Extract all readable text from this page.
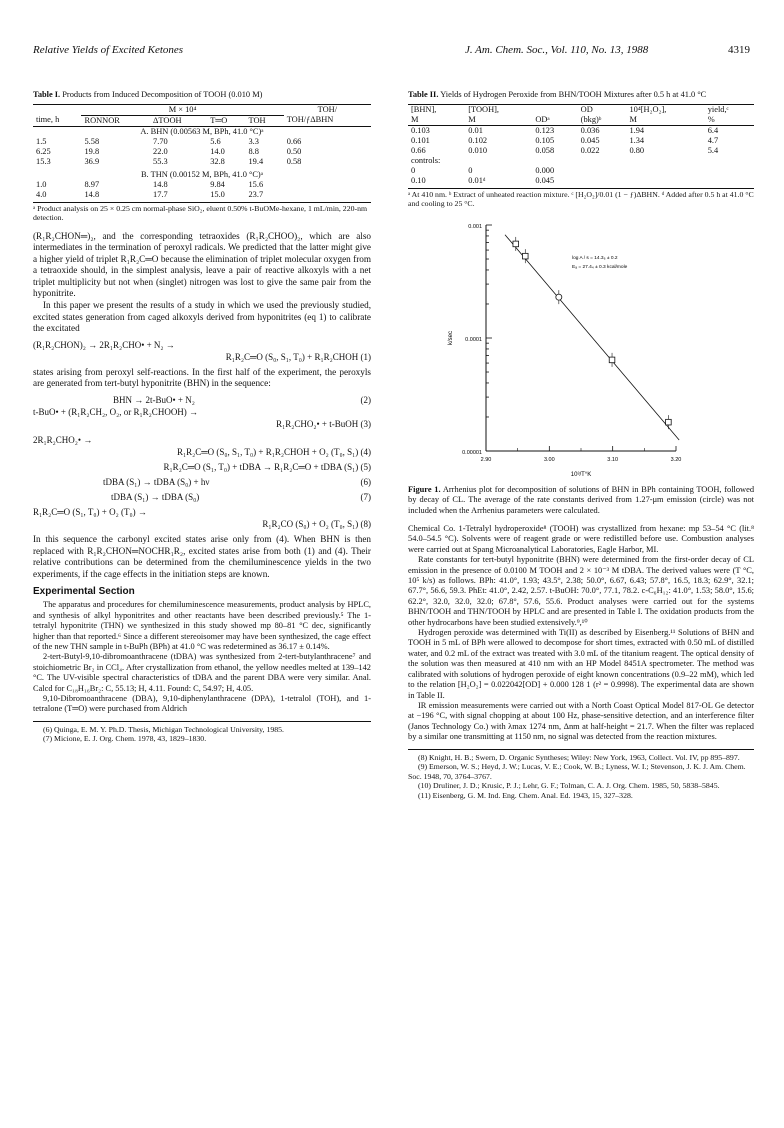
Relative Yields of Excited Ketones	J. Am. Chem. Soc., Vol. 110, No. 13, 1988	4319
Table I. Products from Induced Decomposition of TOOH (0.010 M)
	M × 10⁴				TOH/
time, h	RONNOR	ΔTOOH	T═O	TOH	TOH/ƒΔBHN
A. BHN (0.00563 M, BPh, 41.0 °C)ᵃ					
1.5	5.58	7.70	5.6	3.3	0.66
6.25	19.8	22.0	14.0	8.8	0.50
15.3	36.9	55.3	32.8	19.4	0.58
B. THN (0.00152 M, BPh, 41.0 °C)ᵃ					
1.0	8.97	14.8	9.84	15.6	
4.0	14.8	17.7	15.0	23.7	
ᵃ Product analysis on 25 × 0.25 cm normal-phase SiO₂, eluent 0.50% t-BuOMe-hexane, 1 mL/min, 220-nm detection.

(R₁R₂CHON═)₂, and the corresponding tetraoxides (R₁R₂CHOO)₂, which are also intermediates in the termination of peroxyl radicals. We predicted that the latter might give a higher yield of triplet R₁R₂C═O because the elimination of triplet molecular oxygen from a tetraoxide should, in the simplest analysis, leave a pair of reactive alkoxyls with a net triplet multiplicity but not when (singlet) nitrogen was lost to give the same pair from the hyponitrite.

In this paper we present the results of a study in which we used the previously studied, excited states generation from caged alkoxyls derived from hyponitrites (eq 1) to calibrate the excitated

(R₁R₂CHON)₂ → 2R₁R₂CHO• + N₂ →
R₁R₂C═O (S₀, S₁, T₀) + R₁R₂CHOH (1)

states arising from peroxyl self-reactions. In the first half of the experiment, the peroxyls are generated from tert-butyl hyponitrite (BHN) in the sequence:

BHN → 2t-BuO• + N₂	(2)
t-BuO• + (R₁R₂CH₂, O₂, or R₁R₂CHOOH) →
R₁R₂CHO₂• + t-BuOH (3)
2R₁R₂CHO₂• →
R₁R₂C═O (S₀, S₁, T₀) + R₁R₂CHOH + O₂ (T₀, S₁) (4)
R₁R₂C═O (S₁, T₀) + tDBA → R₁R₂C═O + tDBA (S₁) (5)
tDBA (S₁) → tDBA (S₀) + hν	(6)
tDBA (S₁) → tDBA (S₀)	(7)
R₁R₂C═O (S₁, T₀) + O₂ (T₀) →
R₁R₂CO (S₀) + O₂ (T₀, S₁) (8)

In this sequence the carbonyl excited states arise only from (4). When BHN is then replaced with R₁R₂CHON═NOCHR₁R₂, excited states arise from both (1) and (4). Their relative contributions can be determined from the chemiluminescence yields in the two experiments, if the cage effects in the initiation steps are known.

Experimental Section

The apparatus and procedures for chemiluminescence measurements, product analysis by HPLC, and synthesis of alkyl hyponitrites and other reactants have been described previously.⁵ The 1-tetralyl hyponitrite (THN) we synthesized in this study showed mp 80–81 °C dec, significantly higher than that reported.⁶ Since a different stereoisomer may have been synthesized, the cage effect of the new THN sample in t-BuPh (BPh) at 41.0 °C was redetermined as 36.17 ± 0.14%.

2-tert-Butyl-9,10-dibromoanthracene (tDBA) was synthesized from 2-tert-butylanthracene⁷ and stoichiometric Br₂ in CCl₄. After crystallization from ethanol, the yellow needles melted at 139–142 °C. The UV-visible spectral characteristics of tDBA and the parent DBA were very similar. Anal. Calcd for C₁₈H₁₆Br₂: C, 55.13; H, 4.11. Found: C, 54.97; H, 4.05.

9,10-Dibromoanthracene (DBA), 9,10-diphenylanthracene (DPA), 1-tetralol (TOH), and 1-tetralone (T═O) were purchased from Aldrich

(6) Quinga, E. M. Y. Ph.D. Thesis, Michigan Technological University, 1985.
(7) Micione, E. J. Org. Chem. 1978, 43, 1829–1830.
Table II. Yields of Hydrogen Peroxide from BHN/TOOH Mixtures after 0.5 h at 41.0 °C
[BHN],	[TOOH],		OD	10⁴[H₂O₂],	yield,ᶜ
M	M	ODᵃ	(bkg)ᵇ	M	%
0.103	0.01	0.123	0.036	1.94	6.4
0.101	0.102	0.105	0.045	1.34	4.7
0.66	0.010	0.058	0.022	0.80	5.4
controls:					
0	0	0.000			
0.10	0.01ᵈ	0.045			
ᵃ At 410 nm. ᵇ Extract of unheated reaction mixture. ᶜ [H₂O₂]/0.01 (1 − ƒ)ΔBHN. ᵈ Added after 0.5 h at 41.0 °C and cooling to 25 °C.
0.001
0.0001
0.00001
2.90	3.00	3.10	3.20
10³/T°K
k/sec
log A / s = 14.3₆ ± 0.2
Eₐ = 27.4₄ ± 0.3 kcal/mole
Figure 1. Arrhenius plot for decomposition of solutions of BHN in BPh containing TOOH, followed by decay of CL. The average of the rate constants derived from 1.27-μm emission (circle) was not included when the Arrhenius parameters were calculated.

Chemical Co. 1-Tetralyl hydroperoxide⁸ (TOOH) was crystallized from hexane: mp 53–54 °C (lit.⁸ 54.0–54.5 °C). Solvents were of reagent grade or were redistilled before use. Combustion analyses were carried out at Spang Microanalytical Laboratories, Eagle Harbor, MI.

Rate constants for tert-butyl hyponitrite (BHN) were determined from the first-order decay of CL emission in the presence of 0.0100 M TOOH and 2 × 10⁻³ M tDBA. The derived values were (T °C, 10⁵ k/s) as follows. BPh: 41.0°, 1.93; 43.5°, 2.38; 50.0°, 6.67, 6.43; 57.8°, 16.5, 18.3; 62.9°, 32.1; 67.7°, 56.6, 59.3. PhEt: 41.0°, 2.42, 2.57. t-BuOH: 70.0°, 77.1, 78.2. c-C₆H₁₂: 41.0°, 1.53; 58.0°, 15.6; 62.2°, 32.0, 32.0, 32.0; 67.8°, 57.6, 55.6. Product analyses were carried out for the systems BHN/TOOH and THN/TOOH by HPLC and are presented in Table I. The oxidation products from the other hydrocarbons have been studied extensively.⁹,¹⁰

Hydrogen peroxide was determined with Ti(II) as described by Eisenberg.¹¹ Solutions of BHN and TOOH in 5 mL of BPh were allowed to decompose for short times, extracted with 0.50 mL of distilled water, and 0.2 mL of the extract was treated with 3.0 mL of the titanium reagent. The optical density of the solution was then measured at 410 nm with an HP Model 8451A spectrometer. The method was calibrated with solutions of hydrogen peroxide of eight known concentrations (0.9–22 mM), which led to the relation [H₂O₂] = 0.022042[OD] + 0.000 128 1 (r² = 0.9998). The experimental data are shown in Table II.

IR emission measurements were carried out with a North Coast Optical Model 817-OL Ge detector at −196 °C, with signal chopping at about 100 Hz, phase-sensitive detection, and an interference filter (Janos Technology Co.) with λmax 1274 nm, Δnm at half-height = 21.7. When the filter was replaced by a similar one transmitting at 1150 nm, no signal was detected from the reaction mixtures.

(8) Knight, H. B.; Swern, D. Organic Syntheses; Wiley: New York, 1963, Collect. Vol. IV, pp 895–897.
(9) Emerson, W. S.; Heyd, J. W.; Lucas, V. E.; Cook, W. B.; Lyness, W. I.; Stevenson, J. K. J. Am. Chem. Soc. 1948, 70, 3764–3767.
(10) Druliner, J. D.; Krusic, P. J.; Lehr, G. F.; Tolman, C. A. J. Org. Chem. 1985, 50, 5838–5845.
(11) Eisenberg, G. M. Ind. Eng. Chem. Anal. Ed. 1943, 15, 327–328.
